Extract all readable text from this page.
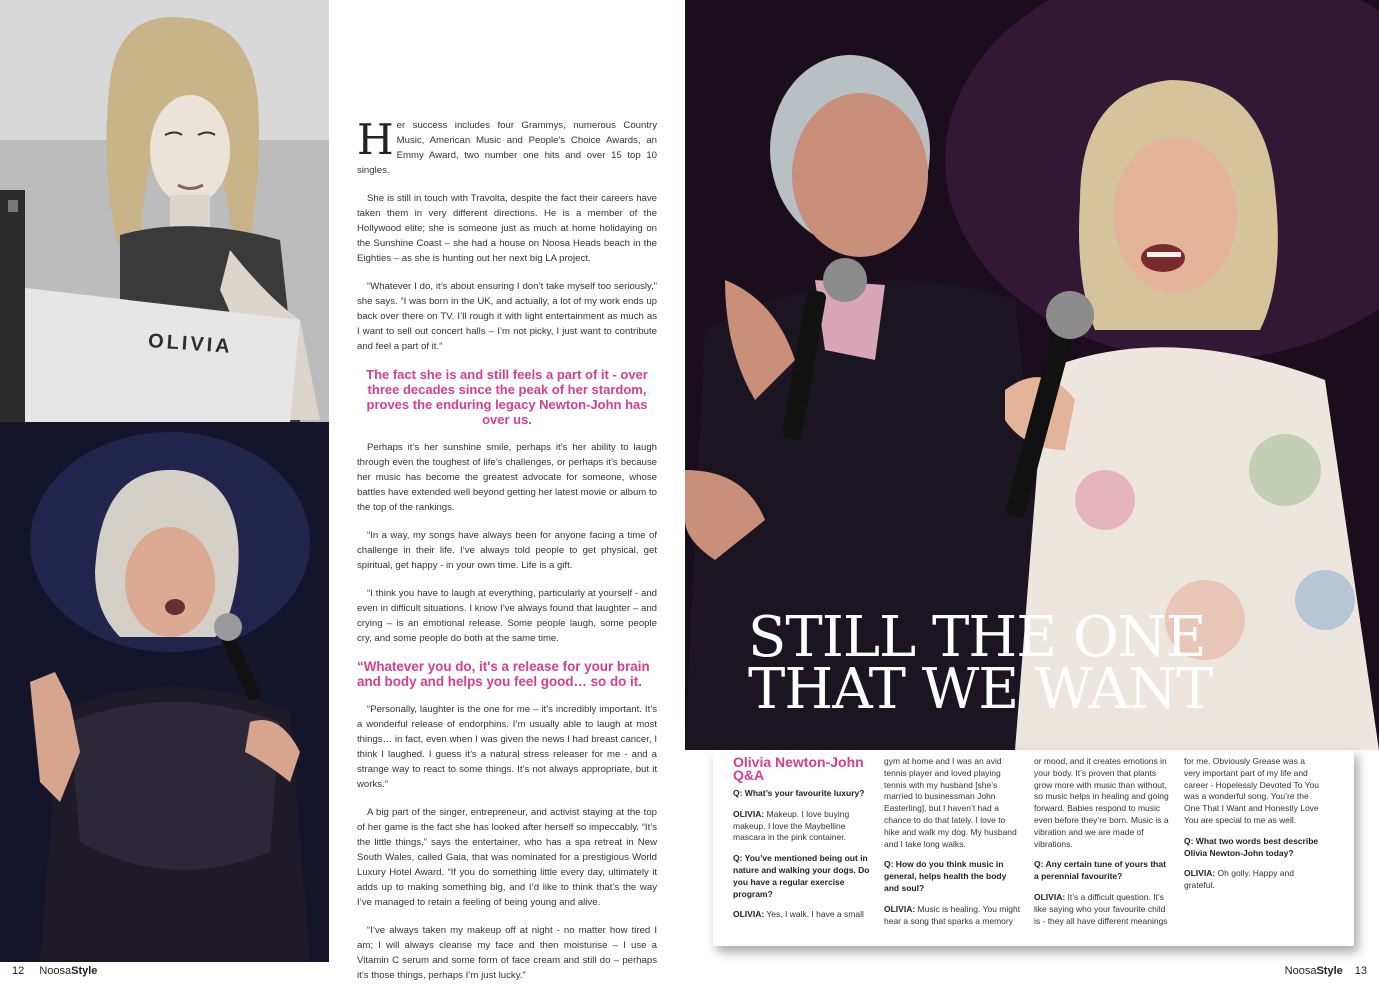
OLIVIA

Her success includes four Grammys, numerous Country Music, American Music and People's Choice Awards, an Emmy Award, two number one hits and over 15 top 10 singles.

She is still in touch with Travolta, despite the fact their careers have taken them in very different directions. He is a member of the Hollywood elite; she is someone just as much at home holidaying on the Sunshine Coast – she had a house on Noosa Heads beach in the Eighties – as she is hunting out her next big LA project.

“Whatever I do, it’s about ensuring I don’t take myself too seriously,” she says. “I was born in the UK, and actually, a lot of my work ends up back over there on TV. I’ll rough it with light entertainment as much as I want to sell out concert halls – I’m not picky, I just want to contribute and feel a part of it.”

The fact she is and still feels a part of it - over three decades since the peak of her stardom, proves the enduring legacy Newton-John has over us.

Perhaps it’s her sunshine smile, perhaps it’s her ability to laugh through even the toughest of life’s challenges, or perhaps it’s because her music has become the greatest advocate for someone, whose battles have extended well beyond getting her latest movie or album to the top of the rankings.

“In a way, my songs have always been for anyone facing a time of challenge in their life. I’ve always told people to get physical, get spiritual, get happy - in your own time. Life is a gift.

“I think you have to laugh at everything, particularly at yourself - and even in difficult situations. I know I’ve always found that laughter – and crying – is an emotional release. Some people laugh, some people cry, and some people do both at the same time.

“Whatever you do, it's a release for your brain and body and helps you feel good… so do it.

“Personally, laughter is the one for me – it’s incredibly important. It’s a wonderful release of endorphins. I’m usually able to laugh at most things… in fact, even when I was given the news I had breast cancer, I think I laughed. I guess it’s a natural stress releaser for me - and a strange way to react to some things. It’s not always appropriate, but it works.”

A big part of the singer, entrepreneur, and activist staying at the top of her game is the fact she has looked after herself so impeccably. “It’s the little things,” says the entertainer, who has a spa retreat in New South Wales, called Gaia, that was nominated for a prestigious World Luxury Hotel Award. “If you do something little every day, ultimately it adds up to making something big, and I’d like to think that’s the way I’ve managed to retain a feeling of being young and alive.

“I’ve always taken my makeup off at night - no matter how tired I am; I will always cleanse my face and then moisturise – I use a Vitamin C serum and some form of face cream and still do – perhaps it’s those things, perhaps I’m just lucky.”

STILL THE ONE
THAT WE WANT
Olivia Newton-John Q&A

Q: What’s your favourite luxury?

OLIVIA: Makeup. I love buying makeup. I love the Maybelline mascara in the pink container.

Q: You’ve mentioned being out in nature and walking your dogs. Do you have a regular exercise program?

OLIVIA: Yes, I walk. I have a small

gym at home and I was an avid tennis player and loved playing tennis with my husband [she’s married to businessman John Easterling], but I haven’t had a chance to do that lately. I love to hike and walk my dog. My husband and I take long walks.

Q: How do you think music in general, helps health the body and soul?

OLIVIA: Music is healing. You might hear a song that sparks a memory

or mood, and it creates emotions in your body. It’s proven that plants grow more with music than without, so music helps in healing and going forward. Babies respond to music even before they’re born. Music is a vibration and we are made of vibrations.

Q: Any certain tune of yours that a perennial favourite?

OLIVIA: It’s a difficult question. It’s like saying who your favourite child is - they all have different meanings

for me. Obviously Grease was a very important part of my life and career - Hopelessly Devoted To You was a wonderful song. You’re the One That I Want and Honestly Love You are special to me as well.

Q: What two words best describe Olivia Newton-John today?

OLIVIA: Oh golly. Happy and grateful.

12 NoosaStyle	NoosaStyle 13
